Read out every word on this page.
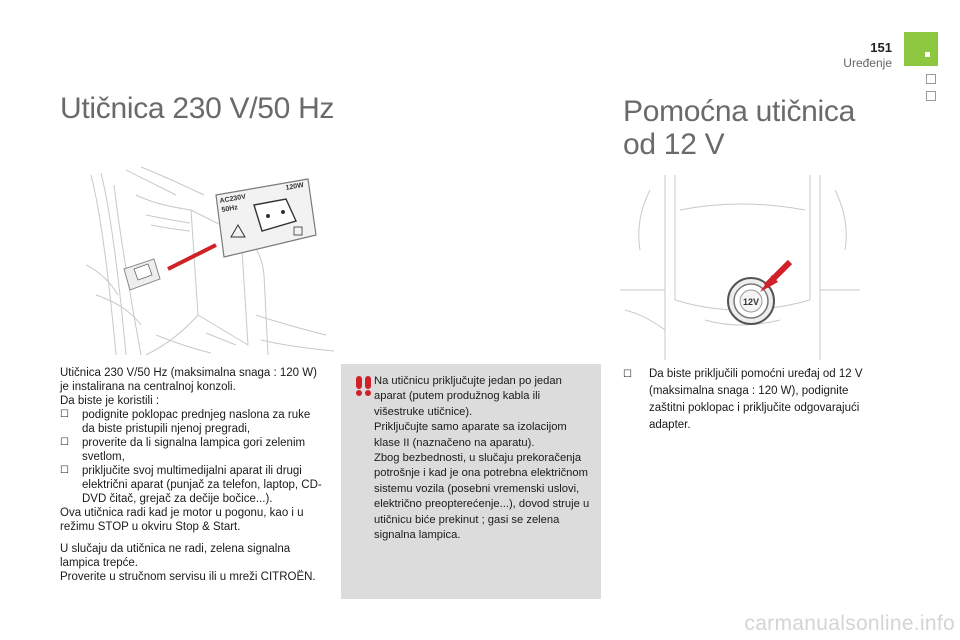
151
Uređenje
Utičnica 230 V/50 Hz	Pomoćna utičnica
od 12 V
AC230V
50Hz
120W

Utičnica 230 V/50 Hz (maksimalna snaga : 120 W) je instalirana na centralnoj konzoli.

Da biste je koristili :

☐ podignite poklopac prednjeg naslona za ruke da biste pristupili njenoj pregradi,
☐ proverite da li signalna lampica gori zelenim svetlom,
☐ priključite svoj multimedijalni aparat ili drugi električni aparat (punjač za telefon, laptop, CD-DVD čitač, grejač za dečije bočice...).

Ova utičnica radi kad je motor u pogonu, kao i u režimu STOP u okviru Stop & Start.

U slučaju da utičnica ne radi, zelena signalna lampica trepće.

Proverite u stručnom servisu ili u mreži CITROËN.

Na utičnicu priključujte jedan po jedan aparat (putem produžnog kabla ili višestruke utičnice).

Priključujte samo aparate sa izolacijom klase II (naznačeno na aparatu).

Zbog bezbednosti, u slučaju prekoračenja potrošnje i kad je ona potrebna električnom sistemu vozila (posebni vremenski uslovi, električno preopterećenje...), dovod struje u utičnicu biće prekinut ; gasi se zelena signalna lampica.

12V
☐ Da biste priključili pomoćni uređaj od 12 V (maksimalna snaga : 120 W), podignite zaštitni poklopac i priključite odgovarajući adapter.
carmanualsonline.info
